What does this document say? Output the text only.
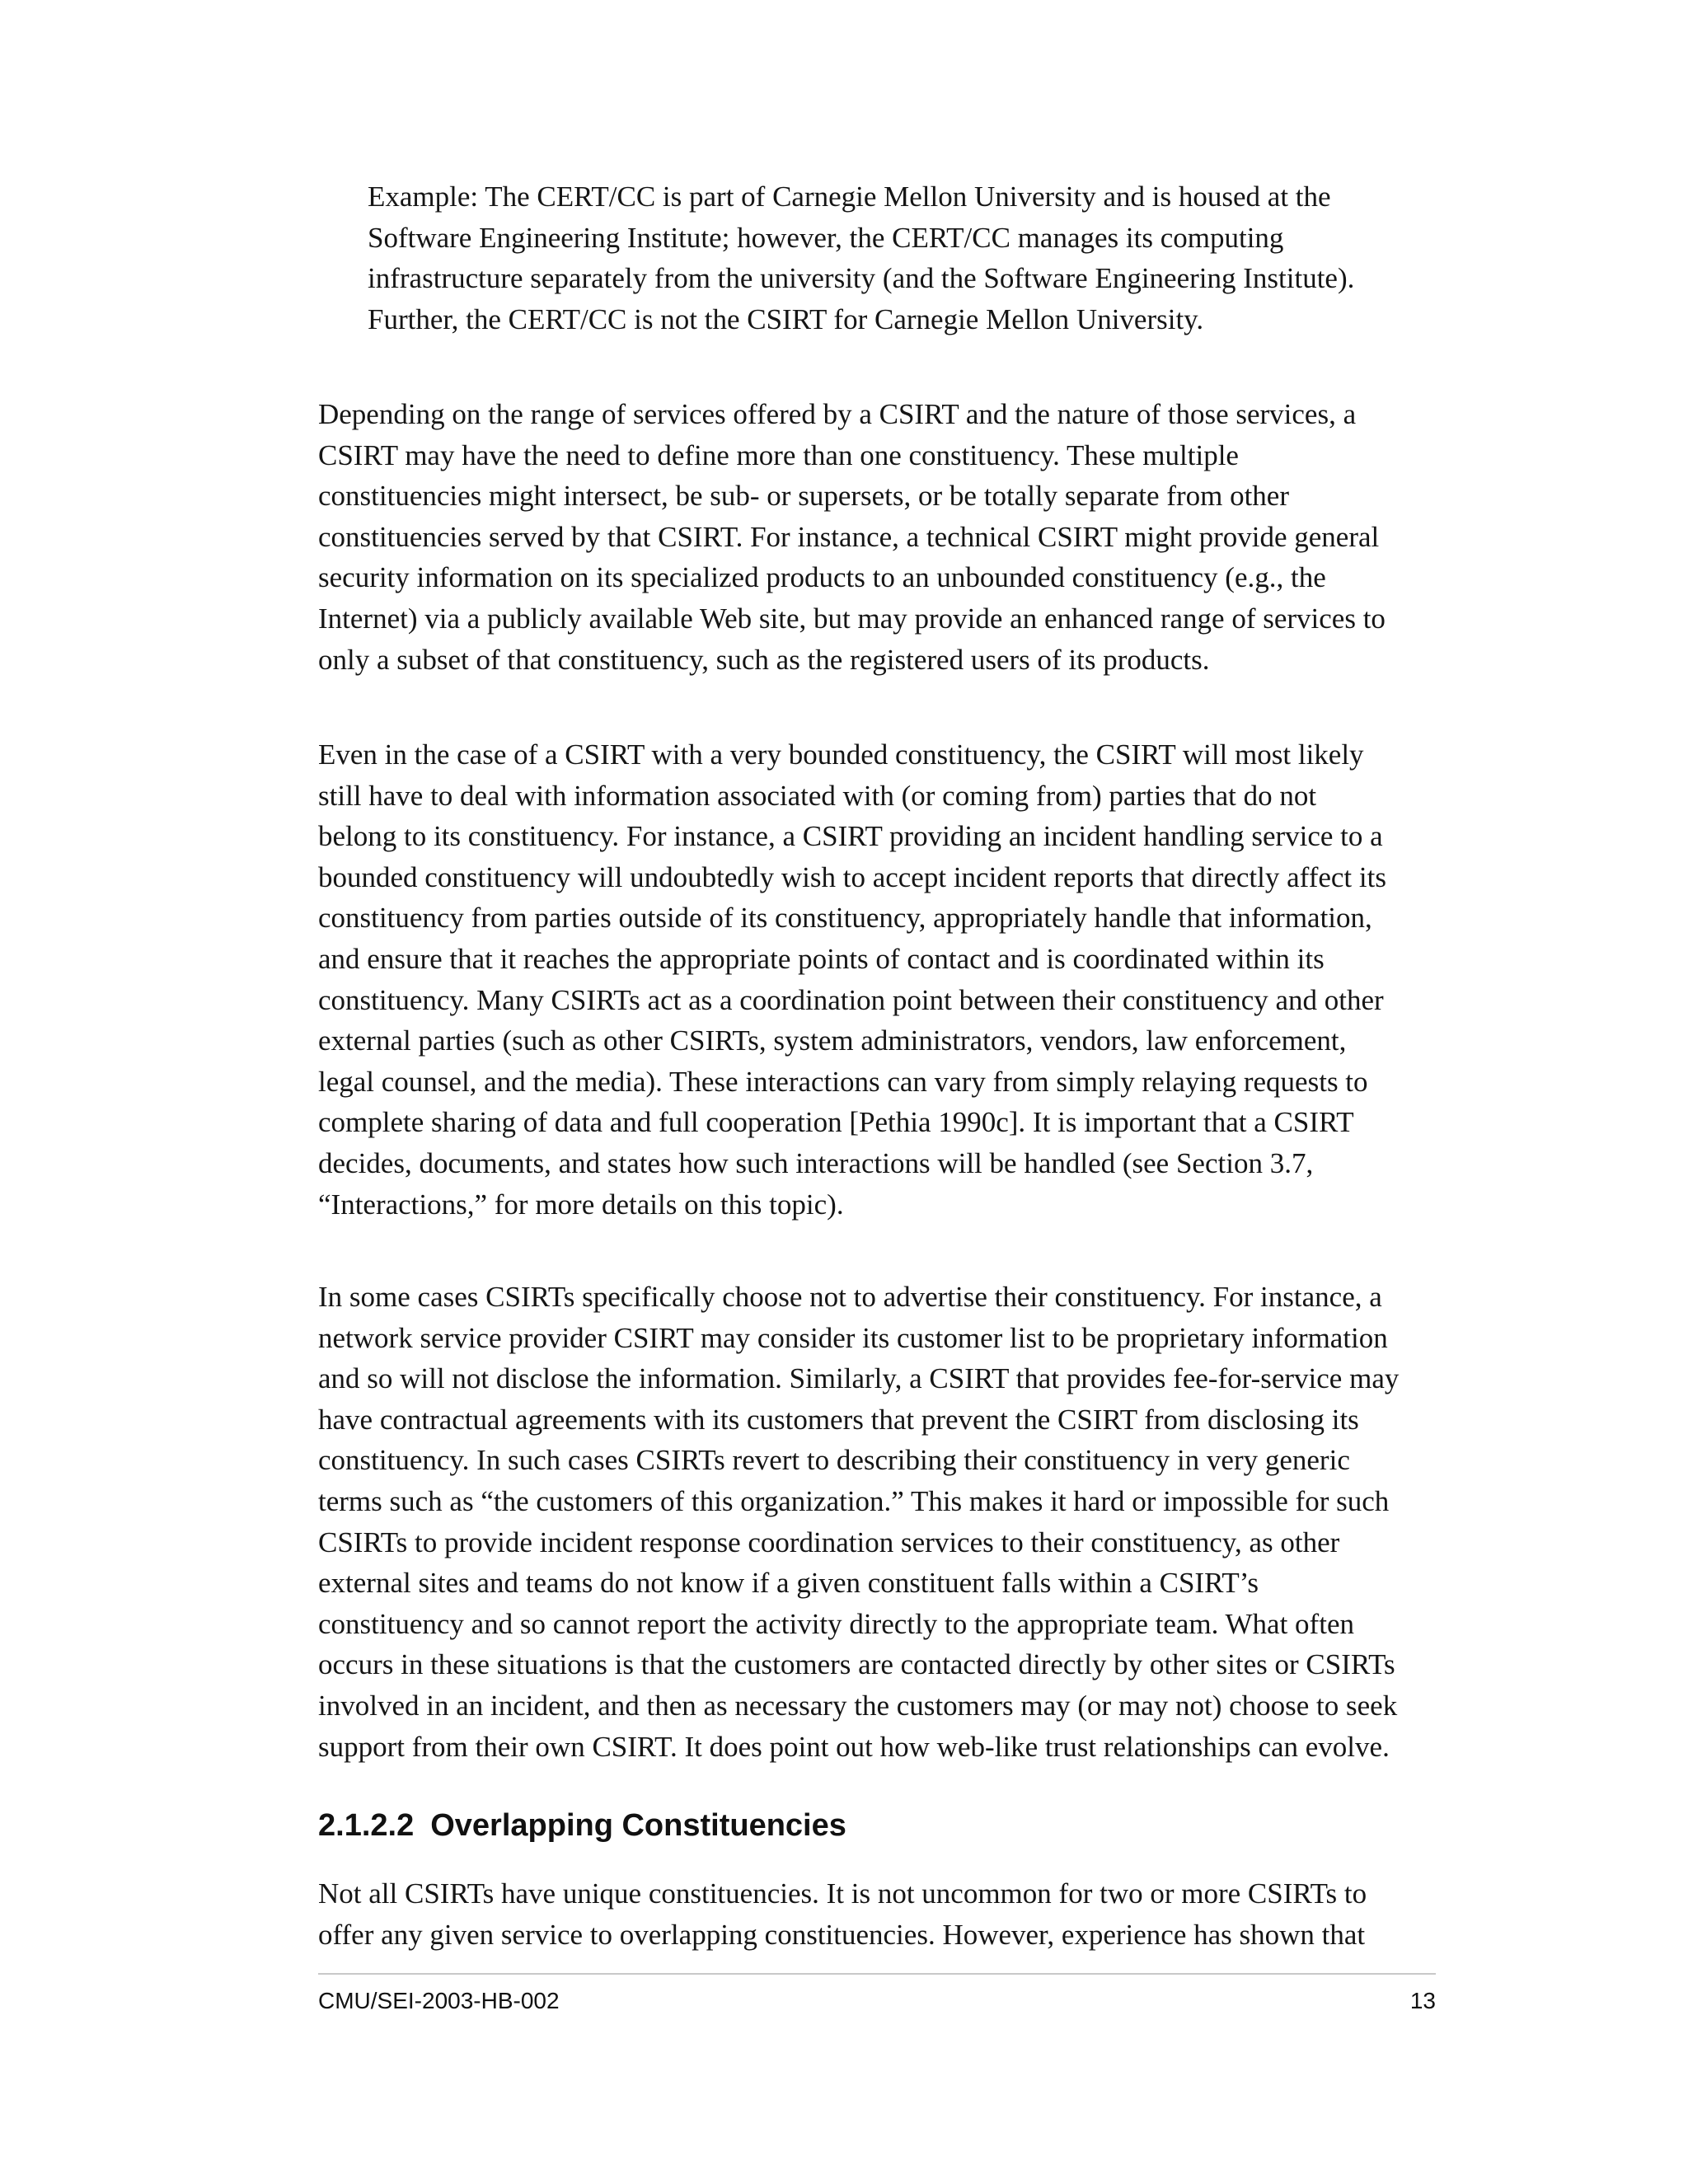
Example: The CERT/CC is part of Carnegie Mellon University and is housed at the
Software Engineering Institute; however, the CERT/CC manages its computing
infrastructure separately from the university (and the Software Engineering Institute).
Further, the CERT/CC is not the CSIRT for Carnegie Mellon University.
Depending on the range of services offered by a CSIRT and the nature of those services, a
CSIRT may have the need to define more than one constituency. These multiple
constituencies might intersect, be sub- or supersets, or be totally separate from other
constituencies served by that CSIRT. For instance, a technical CSIRT might provide general
security information on its specialized products to an unbounded constituency (e.g., the
Internet) via a publicly available Web site, but may provide an enhanced range of services to
only a subset of that constituency, such as the registered users of its products.
Even in the case of a CSIRT with a very bounded constituency, the CSIRT will most likely
still have to deal with information associated with (or coming from) parties that do not
belong to its constituency. For instance, a CSIRT providing an incident handling service to a
bounded constituency will undoubtedly wish to accept incident reports that directly affect its
constituency from parties outside of its constituency, appropriately handle that information,
and ensure that it reaches the appropriate points of contact and is coordinated within its
constituency. Many CSIRTs act as a coordination point between their constituency and other
external parties (such as other CSIRTs, system administrators, vendors, law enforcement,
legal counsel, and the media). These interactions can vary from simply relaying requests to
complete sharing of data and full cooperation [Pethia 1990c]. It is important that a CSIRT
decides, documents, and states how such interactions will be handled (see Section 3.7,
“Interactions,” for more details on this topic).
In some cases CSIRTs specifically choose not to advertise their constituency. For instance, a
network service provider CSIRT may consider its customer list to be proprietary information
and so will not disclose the information. Similarly, a CSIRT that provides fee-for-service may
have contractual agreements with its customers that prevent the CSIRT from disclosing its
constituency. In such cases CSIRTs revert to describing their constituency in very generic
terms such as “the customers of this organization.” This makes it hard or impossible for such
CSIRTs to provide incident response coordination services to their constituency, as other
external sites and teams do not know if a given constituent falls within a CSIRT’s
constituency and so cannot report the activity directly to the appropriate team. What often
occurs in these situations is that the customers are contacted directly by other sites or CSIRTs
involved in an incident, and then as necessary the customers may (or may not) choose to seek
support from their own CSIRT. It does point out how web-like trust relationships can evolve.
2.1.2.2 Overlapping Constituencies
Not all CSIRTs have unique constituencies. It is not uncommon for two or more CSIRTs to
offer any given service to overlapping constituencies. However, experience has shown that
CMU/SEI-2003-HB-002	13
